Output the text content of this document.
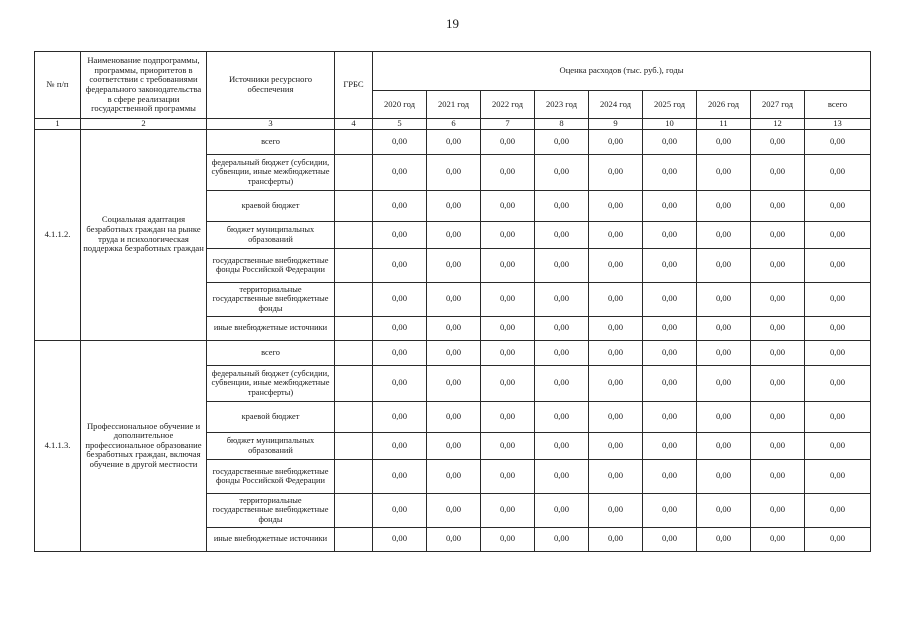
19
№ п/п	Наименование подпрограммы, программы, приоритетов в соответствии с требованиями федерального законодательства в сфере реализации государственной программы	Источники ресурсного обеспечения	ГРБС	Оценка расходов (тыс. руб.), годы								
				2020 год	2021 год	2022 год	2023 год	2024 год	2025 год	2026 год	2027 год	всего
1	2	3	4	5	6	7	8	9	10	11	12	13
4.1.1.2.	Социальная адаптация безработных граждан на рынке труда и психологическая поддержка безработных граждан	всего		0,00	0,00	0,00	0,00	0,00	0,00	0,00	0,00	0,00
		федеральный бюджет (субсидии, субвенции, иные межбюджетные трансферты)		0,00	0,00	0,00	0,00	0,00	0,00	0,00	0,00	0,00
		краевой бюджет		0,00	0,00	0,00	0,00	0,00	0,00	0,00	0,00	0,00
		бюджет муниципальных образований		0,00	0,00	0,00	0,00	0,00	0,00	0,00	0,00	0,00
		государственные внебюджетные фонды Российской Федерации		0,00	0,00	0,00	0,00	0,00	0,00	0,00	0,00	0,00
		территориальные государственные внебюджетные фонды		0,00	0,00	0,00	0,00	0,00	0,00	0,00	0,00	0,00
		иные внебюджетные источники		0,00	0,00	0,00	0,00	0,00	0,00	0,00	0,00	0,00
4.1.1.3.	Профессиональное обучение и дополнительное профессиональное образование безработных граждан, включая обучение в другой местности	всего		0,00	0,00	0,00	0,00	0,00	0,00	0,00	0,00	0,00
		федеральный бюджет (субсидии, субвенции, иные межбюджетные трансферты)		0,00	0,00	0,00	0,00	0,00	0,00	0,00	0,00	0,00
		краевой бюджет		0,00	0,00	0,00	0,00	0,00	0,00	0,00	0,00	0,00
		бюджет муниципальных образований		0,00	0,00	0,00	0,00	0,00	0,00	0,00	0,00	0,00
		государственные внебюджетные фонды Российской Федерации		0,00	0,00	0,00	0,00	0,00	0,00	0,00	0,00	0,00
		территориальные государственные внебюджетные фонды		0,00	0,00	0,00	0,00	0,00	0,00	0,00	0,00	0,00
		иные внебюджетные источники		0,00	0,00	0,00	0,00	0,00	0,00	0,00	0,00	0,00
